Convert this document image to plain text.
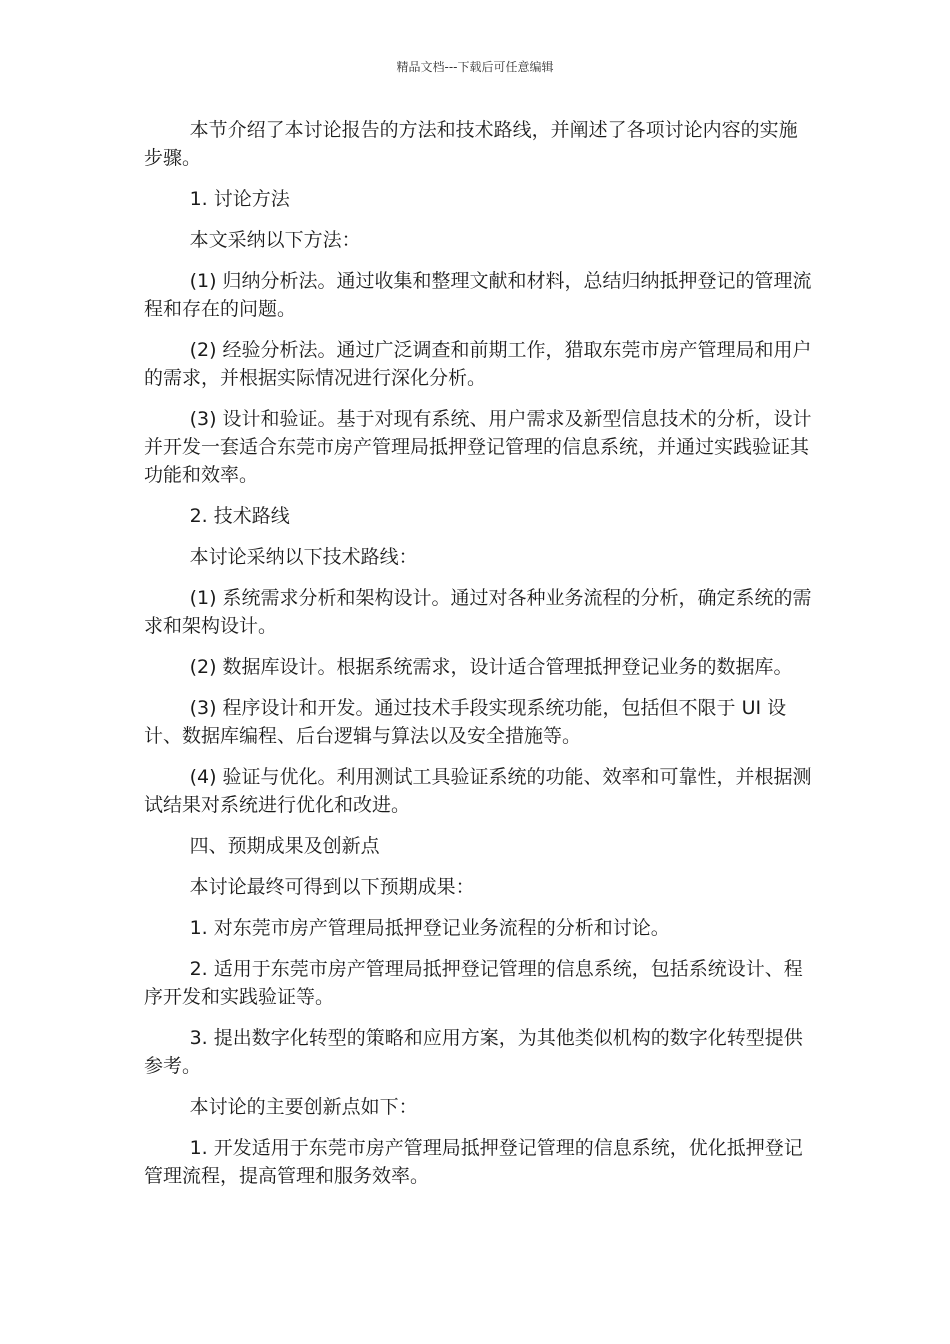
精品文档---下载后可任意编辑

本节介绍了本讨论报告的方法和技术路线，并阐述了各项讨论内容的实施步骤。

1. 讨论方法

本文采纳以下方法：

(1) 归纳分析法。通过收集和整理文献和材料，总结归纳抵押登记的管理流程和存在的问题。

(2) 经验分析法。通过广泛调查和前期工作，猎取东莞市房产管理局和用户的需求，并根据实际情况进行深化分析。

(3) 设计和验证。基于对现有系统、用户需求及新型信息技术的分析，设计并开发一套适合东莞市房产管理局抵押登记管理的信息系统，并通过实践验证其功能和效率。

2. 技术路线

本讨论采纳以下技术路线：

(1) 系统需求分析和架构设计。通过对各种业务流程的分析，确定系统的需求和架构设计。

(2) 数据库设计。根据系统需求，设计适合管理抵押登记业务的数据库。

(3) 程序设计和开发。通过技术手段实现系统功能，包括但不限于 UI 设计、数据库编程、后台逻辑与算法以及安全措施等。

(4) 验证与优化。利用测试工具验证系统的功能、效率和可靠性，并根据测试结果对系统进行优化和改进。

四、预期成果及创新点

本讨论最终可得到以下预期成果：

1. 对东莞市房产管理局抵押登记业务流程的分析和讨论。

2. 适用于东莞市房产管理局抵押登记管理的信息系统，包括系统设计、程序开发和实践验证等。

3. 提出数字化转型的策略和应用方案，为其他类似机构的数字化转型提供参考。

本讨论的主要创新点如下：

1. 开发适用于东莞市房产管理局抵押登记管理的信息系统，优化抵押登记管理流程，提高管理和服务效率。
